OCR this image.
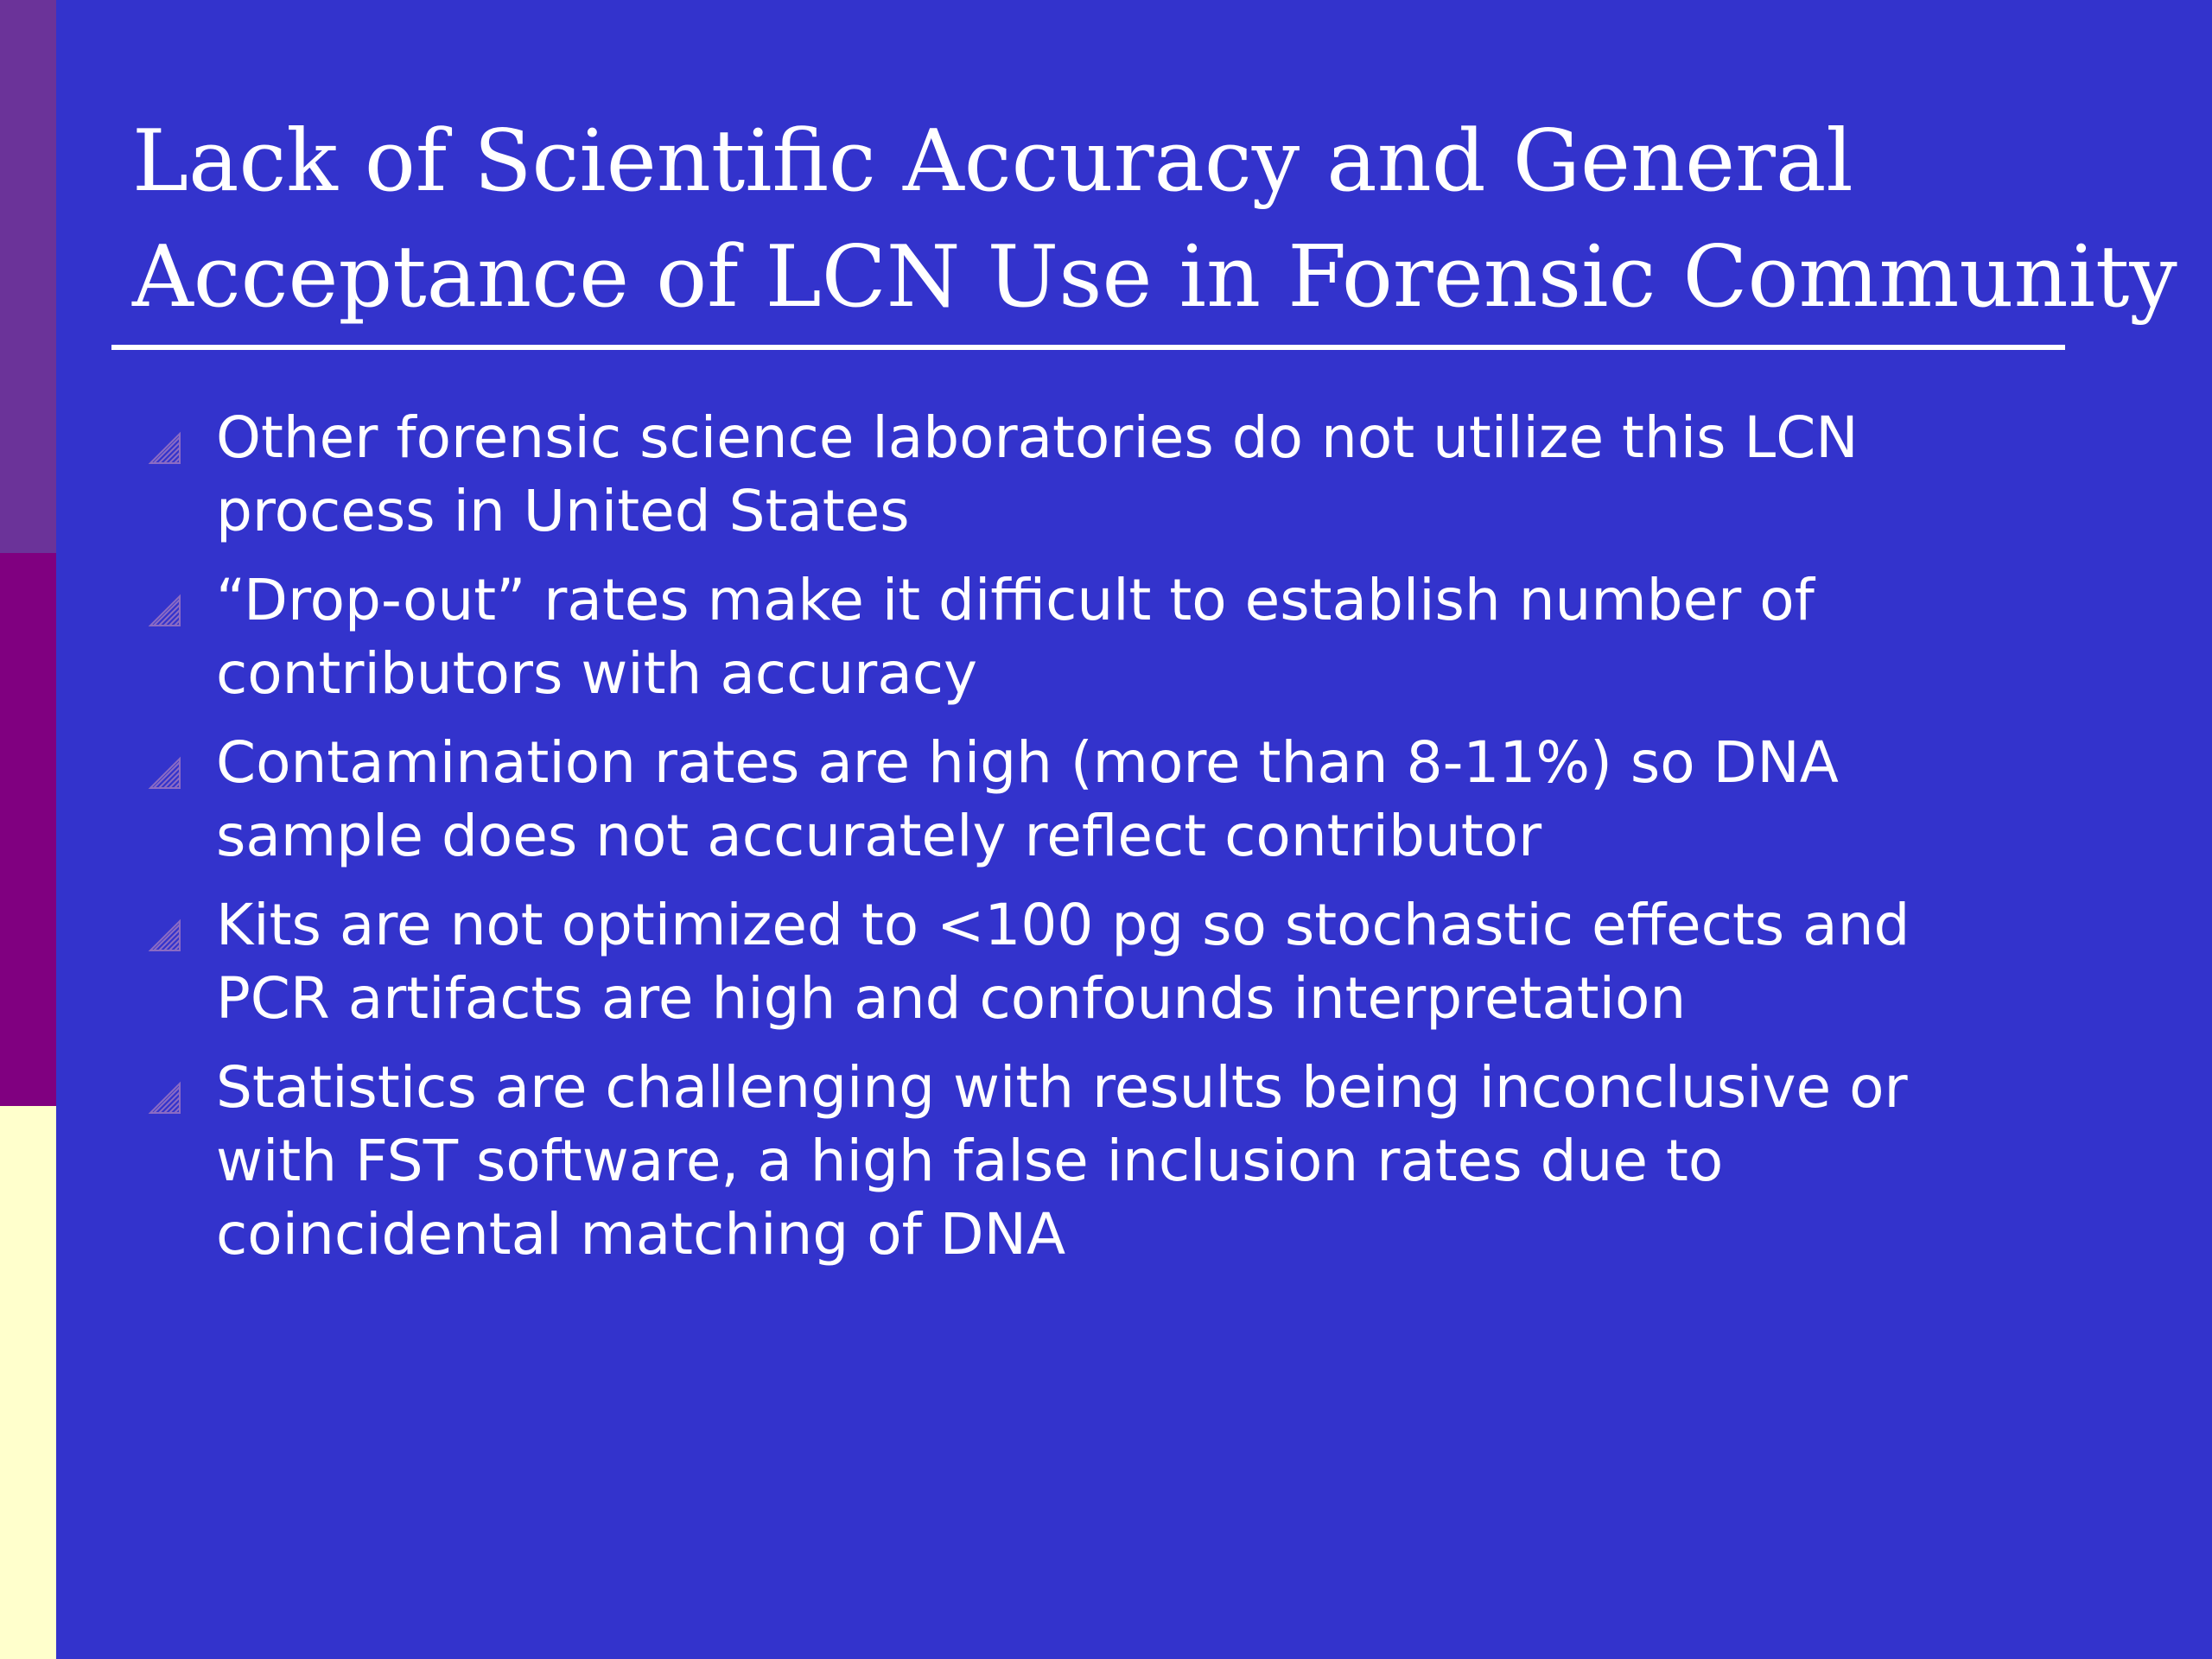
Lack of Scientific Accuracy and General
Acceptance of LCN Use in Forensic Community
Other forensic science laboratories do not utilize this LCN
process in United States
“Drop-out” rates make it difficult to establish number of
contributors with accuracy
Contamination rates are high (more than 8-11%) so DNA
sample does not accurately reflect contributor
Kits are not optimized to <100 pg so stochastic effects and
PCR artifacts are high and confounds interpretation
Statistics are challenging with results being inconclusive or
with FST software, a high false inclusion rates due to
coincidental matching of DNA
